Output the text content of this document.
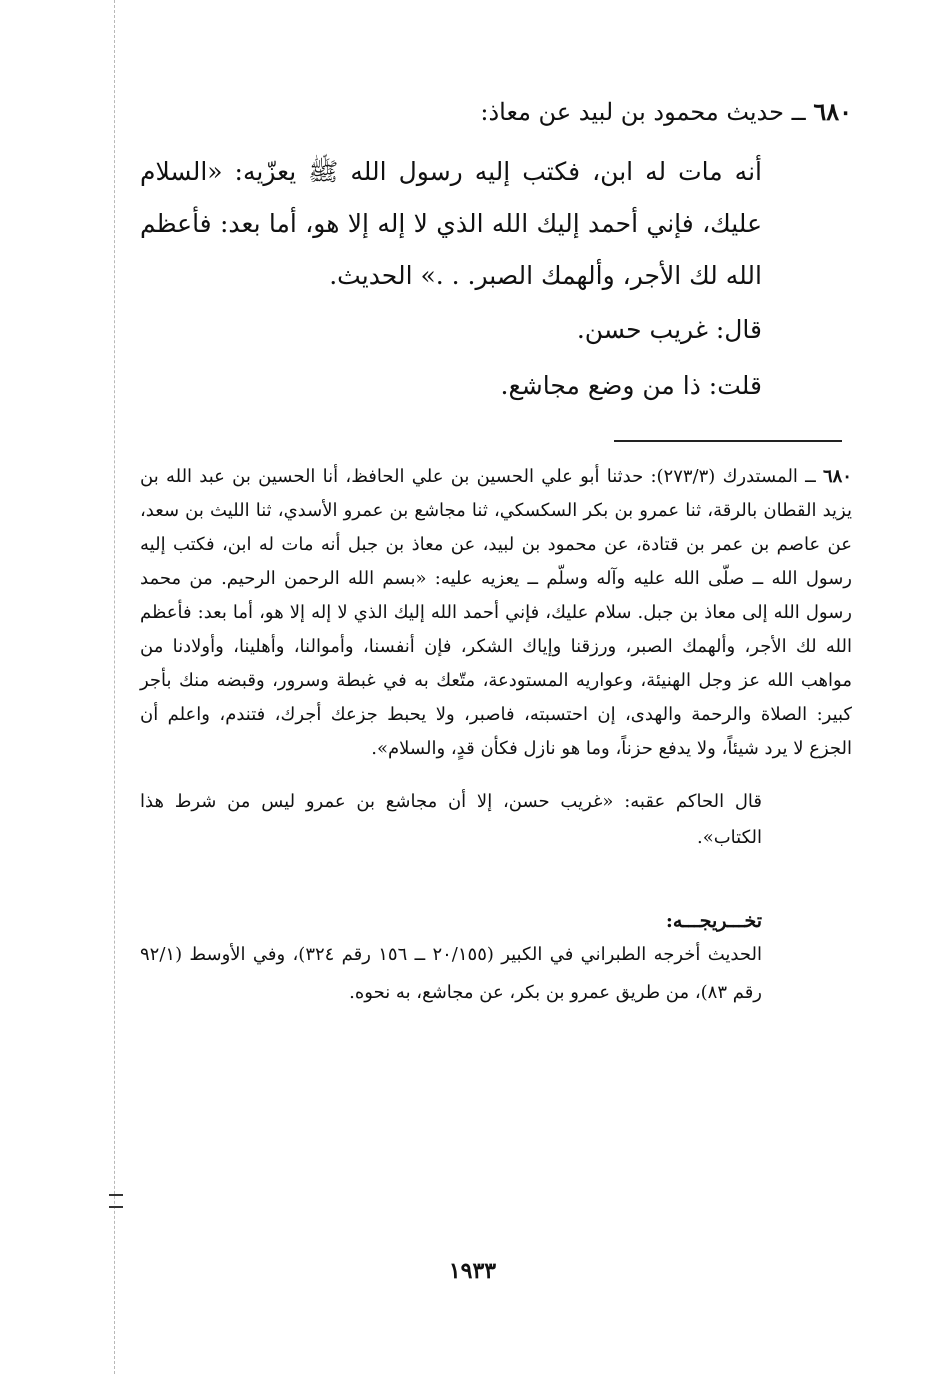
٦٨٠ ــ حديث محمود بن لبيد عن معاذ:

أنه مات له ابن، فكتب إليه رسول الله ﷺ يعزّيه: «السلام عليك، فإني أحمد إليك الله الذي لا إله إلا هو، أما بعد: فأعظم الله لك الأجر، وألهمك الصبر. . .» الحديث.

قال: غريب حسن.

قلت: ذا من وضع مجاشع.

٦٨٠ ــ المستدرك (٢٧٣/٣): حدثنا أبو علي الحسين بن علي الحافظ، أنا الحسين بن عبد الله بن يزيد القطان بالرقة، ثنا عمرو بن بكر السكسكي، ثنا مجاشع بن عمرو الأسدي، ثنا الليث بن سعد، عن عاصم بن عمر بن قتادة، عن محمود بن لبيد، عن معاذ بن جبل أنه مات له ابن، فكتب إليه رسول الله ــ صلّى الله عليه وآله وسلّم ــ يعزيه عليه: «بسم الله الرحمن الرحيم. من محمد رسول الله إلى معاذ بن جبل. سلام عليك، فإني أحمد الله إليك الذي لا إله إلا هو، أما بعد: فأعظم الله لك الأجر، وألهمك الصبر، ورزقنا وإياك الشكر، فإن أنفسنا، وأموالنا، وأهلينا، وأولادنا من مواهب الله عز وجل الهنيئة، وعواريه المستودعة، متّعك به في غبطة وسرور، وقبضه منك بأجر كبير: الصلاة والرحمة والهدى، إن احتسبته، فاصبر، ولا يحبط جزعك أجرك، فتندم، واعلم أن الجزع لا يرد شيئاً، ولا يدفع حزناً، وما هو نازل فكأن قدٍ، والسلام».

قال الحاكم عقبه: «غريب حسن، إلا أن مجاشع بن عمرو ليس من شرط هذا الكتاب».

تخـــريجـــه:

الحديث أخرجه الطبراني في الكبير (٢٠/١٥٥ ــ ١٥٦ رقم ٣٢٤)، وفي الأوسط (٩٢/١ رقم ٨٣)، من طريق عمرو بن بكر، عن مجاشع، به نحوه.

١٩٣٣
